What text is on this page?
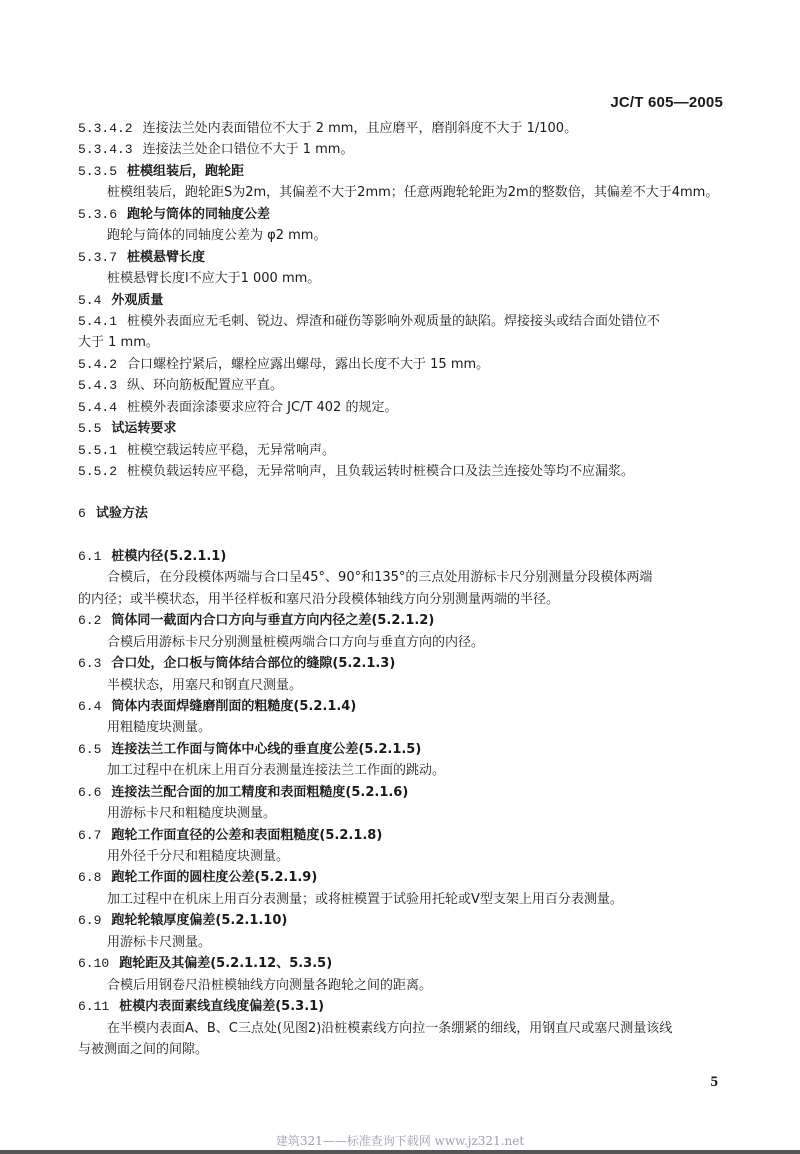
JC/T 605—2005
5.3.4.2 连接法兰处内表面错位不大于 2 mm，且应磨平，磨削斜度不大于 1/100。
5.3.4.3 连接法兰处企口错位不大于 1 mm。
5.3.5 桩模组装后，跑轮距
桩模组装后，跑轮距S为2m，其偏差不大于2mm；任意两跑轮轮距为2m的整数倍，其偏差不大于4mm。
5.3.6 跑轮与筒体的同轴度公差
跑轮与筒体的同轴度公差为 φ2 mm。
5.3.7 桩模悬臂长度
桩模悬臂长度l不应大于1 000 mm。
5.4 外观质量
5.4.1 桩模外表面应无毛刺、锐边、焊渣和碰伤等影响外观质量的缺陷。焊接接头或结合面处错位不
大于 1 mm。
5.4.2 合口螺栓拧紧后，螺栓应露出螺母，露出长度不大于 15 mm。
5.4.3 纵、环向筋板配置应平直。
5.4.4 桩模外表面涂漆要求应符合 JC/T 402 的规定。
5.5 试运转要求
5.5.1 桩模空载运转应平稳，无异常响声。
5.5.2 桩模负载运转应平稳，无异常响声，且负载运转时桩模合口及法兰连接处等均不应漏浆。
6 试验方法
6.1 桩模内径(5.2.1.1)
合模后，在分段模体两端与合口呈45°、90°和135°的三点处用游标卡尺分别测量分段模体两端
的内径；或半模状态，用半径样板和塞尺沿分段模体轴线方向分别测量两端的半径。
6.2 筒体同一截面内合口方向与垂直方向内径之差(5.2.1.2)
合模后用游标卡尺分别测量桩模两端合口方向与垂直方向的内径。
6.3 合口处，企口板与筒体结合部位的缝隙(5.2.1.3)
半模状态，用塞尺和钢直尺测量。
6.4 筒体内表面焊缝磨削面的粗糙度(5.2.1.4)
用粗糙度块测量。
6.5 连接法兰工作面与筒体中心线的垂直度公差(5.2.1.5)
加工过程中在机床上用百分表测量连接法兰工作面的跳动。
6.6 连接法兰配合面的加工精度和表面粗糙度(5.2.1.6)
用游标卡尺和粗糙度块测量。
6.7 跑轮工作面直径的公差和表面粗糙度(5.2.1.8)
用外径千分尺和粗糙度块测量。
6.8 跑轮工作面的圆柱度公差(5.2.1.9)
加工过程中在机床上用百分表测量；或将桩模置于试验用托轮或V型支架上用百分表测量。
6.9 跑轮轮辕厚度偏差(5.2.1.10)
用游标卡尺测量。
6.10 跑轮距及其偏差(5.2.1.12、5.3.5)
合模后用钢卷尺沿桩模轴线方向测量各跑轮之间的距离。
6.11 桩模内表面素线直线度偏差(5.3.1)
在半模内表面A、B、C三点处(见图2)沿桩模素线方向拉一条绷紧的细线，用钢直尺或塞尺测量该线
与被测面之间的间隙。
5
建筑321——标准查询下载网 www.jz321.net
